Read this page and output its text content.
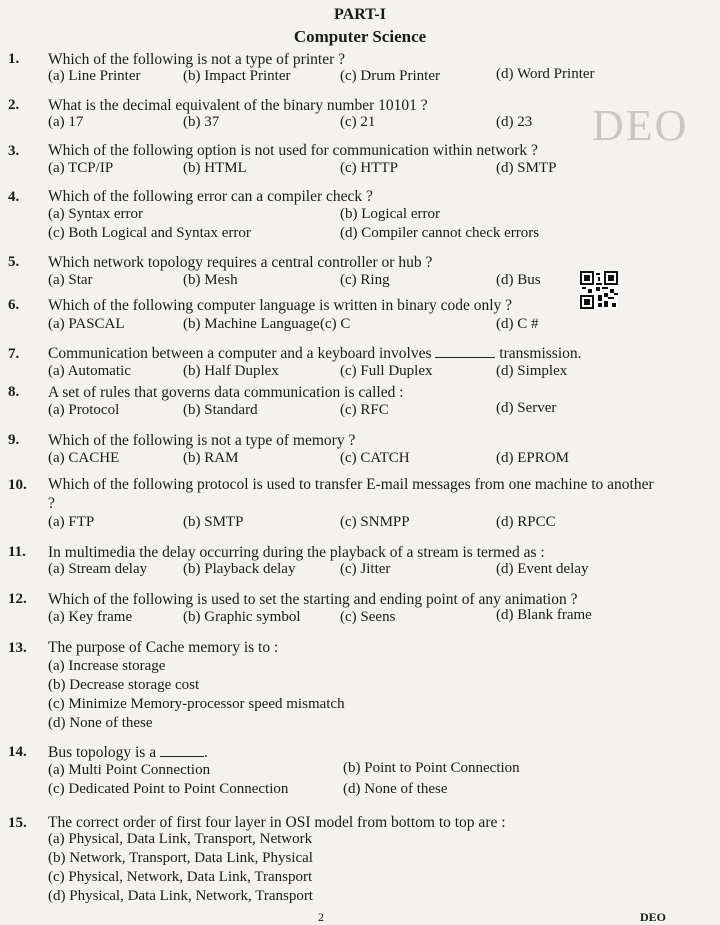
DEO
PART-I
Computer Science
1. Which of the following is not a type of printer ?
(a) Line Printer	(b) Impact Printer	(c) Drum Printer	(d) Word Printer
2. What is the decimal equivalent of the binary number 10101 ?
(a) 17	(b) 37	(c) 21	(d) 23
3. Which of the following option is not used for communication within network ?
(a) TCP/IP	(b) HTML	(c) HTTP	(d) SMTP
4. Which of the following error can a compiler check ?
(a) Syntax error	(b) Logical error
(c) Both Logical and Syntax error	(d) Compiler cannot check errors
5. Which network topology requires a central controller or hub ?
(a) Star	(b) Mesh	(c) Ring	(d) Bus
6. Which of the following computer language is written in binary code only ?
(a) PASCAL	(b) Machine Language (c) C	(d) C #
7. Communication between a computer and a keyboard involves	transmission.
(a) Automatic	(b) Half Duplex	(c) Full Duplex	(d) Simplex
8. A set of rules that governs data communication is called :
(a) Protocol	(b) Standard	(c) RFC	(d) Server
9. Which of the following is not a type of memory ?
(a) CACHE	(b) RAM	(c) CATCH	(d) EPROM
10. Which of the following protocol is used to transfer E-mail messages from one machine to another ?
(a) FTP	(b) SMTP	(c) SNMPP	(d) RPCC
11. In multimedia the delay occurring during the playback of a stream is termed as :
(a) Stream delay (b) Playback delay	(c) Jitter	(d) Event delay
12. Which of the following is used to set the starting and ending point of any animation ?
(a) Key frame	(b) Graphic symbol	(c) Seens	(d) Blank frame
13. The purpose of Cache memory is to :
(a) Increase storage
(b) Decrease storage cost
(c) Minimize Memory-processor speed mismatch
(d) None of these
14. Bus topology is a	.
(a) Multi Point Connection	(b) Point to Point Connection
(c) Dedicated Point to Point Connection	(d) None of these
15. The correct order of first four layer in OSI model from bottom to top are :
(a) Physical, Data Link, Transport, Network
(b) Network, Transport, Data Link, Physical
(c) Physical, Network, Data Link, Transport
(d) Physical, Data Link, Network, Transport
2	DEO
